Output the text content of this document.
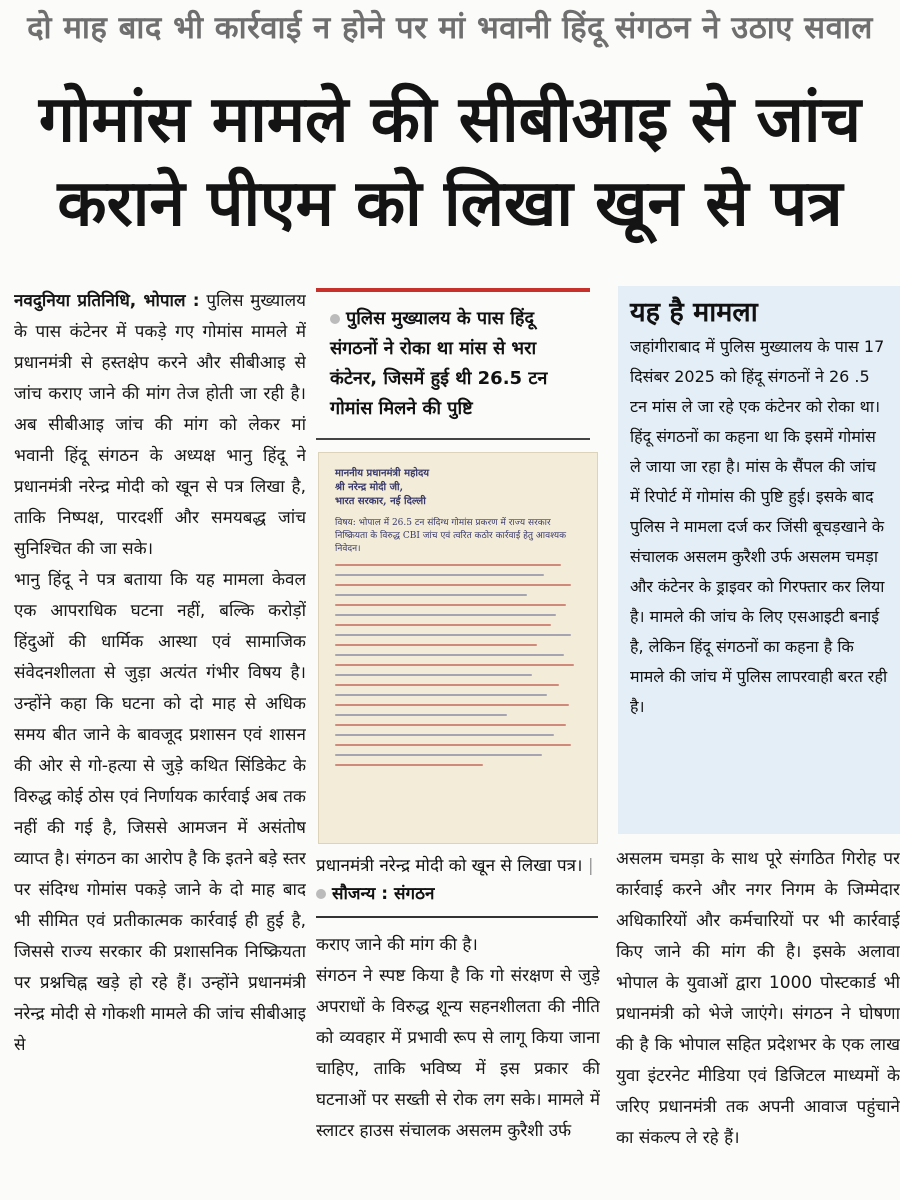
दो माह बाद भी कार्रवाई न होने पर मां भवानी हिंदू संगठन ने उठाए सवाल
गोमांस मामले की सीबीआइ से जांच
कराने पीएम को लिखा खून से पत्र

नवदुनिया प्रतिनिधि, भोपाल : पुलिस मुख्यालय के पास कंटेनर में पकड़े गए गोमांस मामले में प्रधानमंत्री से हस्तक्षेप करने और सीबीआइ से जांच कराए जाने की मांग तेज होती जा रही है। अब सीबीआइ जांच की मांग को लेकर मां भवानी हिंदू संगठन के अध्यक्ष भानु हिंदू ने प्रधानमंत्री नरेन्द्र मोदी को खून से पत्र लिखा है, ताकि निष्पक्ष, पारदर्शी और समयबद्ध जांच सुनिश्चित की जा सके।

भानु हिंदू ने पत्र बताया कि यह मामला केवल एक आपराधिक घटना नहीं, बल्कि करोड़ों हिंदुओं की धार्मिक आस्था एवं सामाजिक संवेदनशीलता से जुड़ा अत्यंत गंभीर विषय है। उन्होंने कहा कि घटना को दो माह से अधिक समय बीत जाने के बावजूद प्रशासन एवं शासन की ओर से गो-हत्या से जुड़े कथित सिंडिकेट के विरुद्ध कोई ठोस एवं निर्णायक कार्रवाई अब तक नहीं की गई है, जिससे आमजन में असंतोष व्याप्त है। संगठन का आरोप है कि इतने बड़े स्तर पर संदिग्ध गोमांस पकड़े जाने के दो माह बाद भी सीमित एवं प्रतीकात्मक कार्रवाई ही हुई है, जिससे राज्य सरकार की प्रशासनिक निष्क्रियता पर प्रश्नचिह्न खड़े हो रहे हैं। उन्होंने प्रधानमंत्री नरेन्द्र मोदी से गोकशी मामले की जांच सीबीआइ से

पुलिस मुख्यालय के पास हिंदू संगठनों ने रोका था मांस से भरा कंटेनर, जिसमें हुई थी 26.5 टन गोमांस मिलने की पुष्टि
माननीय प्रधानमंत्री महोदय
श्री नरेन्द्र मोदी जी,
भारत सरकार, नई दिल्ली
विषय: भोपाल में 26.5 टन संदिग्ध गोमांस प्रकरण में राज्य सरकार निष्क्रियता के विरुद्ध CBI जांच एवं त्वरित कठोर कार्रवाई हेतु आवश्यक निवेदन।
प्रधानमंत्री नरेन्द्र मोदी को खून से लिखा पत्र। | सौजन्य : संगठन

कराए जाने की मांग की है।

संगठन ने स्पष्ट किया है कि गो संरक्षण से जुड़े अपराधों के विरुद्ध शून्य सहनशीलता की नीति को व्यवहार में प्रभावी रूप से लागू किया जाना चाहिए, ताकि भविष्य में इस प्रकार की घटनाओं पर सख्ती से रोक लग सके। मामले में स्लाटर हाउस संचालक असलम कुरैशी उर्फ

यह है मामला
जहांगीराबाद में पुलिस मुख्यालय के पास 17 दिसंबर 2025 को हिंदू संगठनों ने 26 .5 टन मांस ले जा रहे एक कंटेनर को रोका था। हिंदू संगठनों का कहना था कि इसमें गोमांस ले जाया जा रहा है। मांस के सैंपल की जांच में रिपोर्ट में गोमांस की पुष्टि हुई। इसके बाद पुलिस ने मामला दर्ज कर जिंसी बूचड़खाने के संचालक असलम कुरैशी उर्फ असलम चमड़ा और कंटेनर के ड्राइवर को गिरफ्तार कर लिया है। मामले की जांच के लिए एसआइटी बनाई है, लेकिन हिंदू संगठनों का कहना है कि मामले की जांच में पुलिस लापरवाही बरत रही है।

असलम चमड़ा के साथ पूरे संगठित गिरोह पर कार्रवाई करने और नगर निगम के जिम्मेदार अधिकारियों और कर्मचारियों पर भी कार्रवाई किए जाने की मांग की है। इसके अलावा भोपाल के युवाओं द्वारा 1000 पोस्टकार्ड भी प्रधानमंत्री को भेजे जाएंगे। संगठन ने घोषणा की है कि भोपाल सहित प्रदेशभर के एक लाख युवा इंटरनेट मीडिया एवं डिजिटल माध्यमों के जरिए प्रधानमंत्री तक अपनी आवाज पहुंचाने का संकल्प ले रहे हैं।
